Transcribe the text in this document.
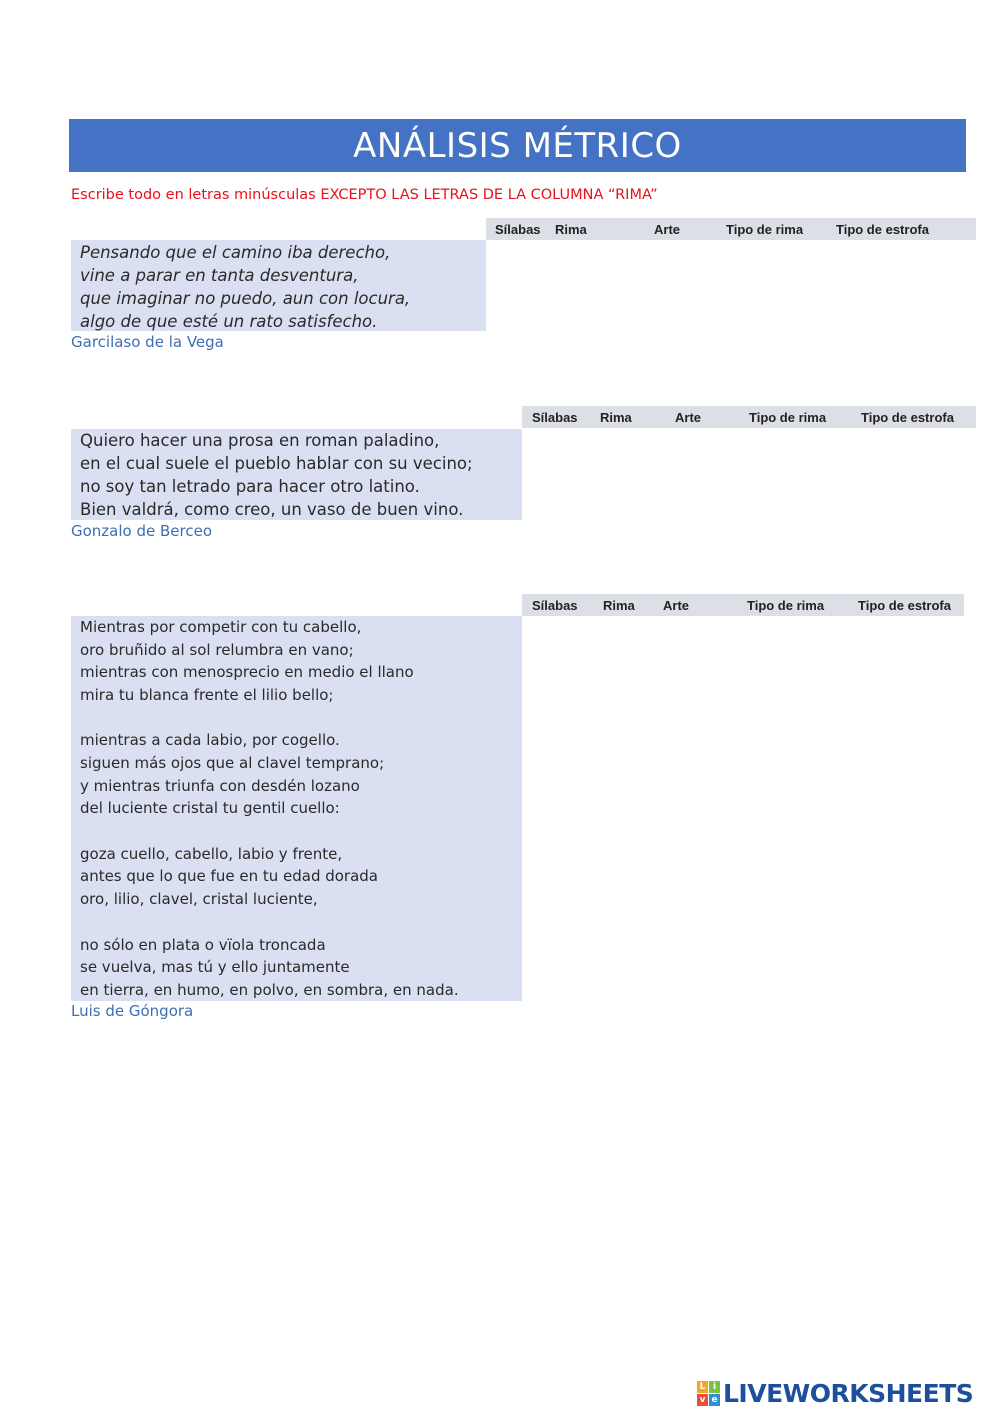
ANÁLISIS MÉTRICO
Escribe todo en letras minúsculas EXCEPTO LAS LETRAS DE LA COLUMNA “RIMA”
Sílabas Rima	Arte	Tipo de rima	Tipo de estrofa
Pensando que el camino iba derecho,
vine a parar en tanta desventura,
que imaginar no puedo, aun con locura,
algo de que esté un rato satisfecho.
Garcilaso de la Vega
Sílabas Rima	Arte	Tipo de rima	Tipo de estrofa
Quiero hacer una prosa en roman paladino,
en el cual suele el pueblo hablar con su vecino;
no soy tan letrado para hacer otro latino.
Bien valdrá, como creo, un vaso de buen vino.
Gonzalo de Berceo
Sílabas Rima Arte	Tipo de rima	Tipo de estrofa
Mientras por competir con tu cabello,
oro bruñido al sol relumbra en vano;
mientras con menosprecio en medio el llano
mira tu blanca frente el lilio bello;
mientras a cada labio, por cogello.
siguen más ojos que al clavel temprano;
y mientras triunfa con desdén lozano
del luciente cristal tu gentil cuello:
goza cuello, cabello, labio y frente,
antes que lo que fue en tu edad dorada
oro, lilio, clavel, cristal luciente,
no sólo en plata o vïola troncada
se vuelva, mas tú y ello juntamente
en tierra, en humo, en polvo, en sombra, en nada.
Luis de Góngora
L i
v e LIVEWORKSHEETS
